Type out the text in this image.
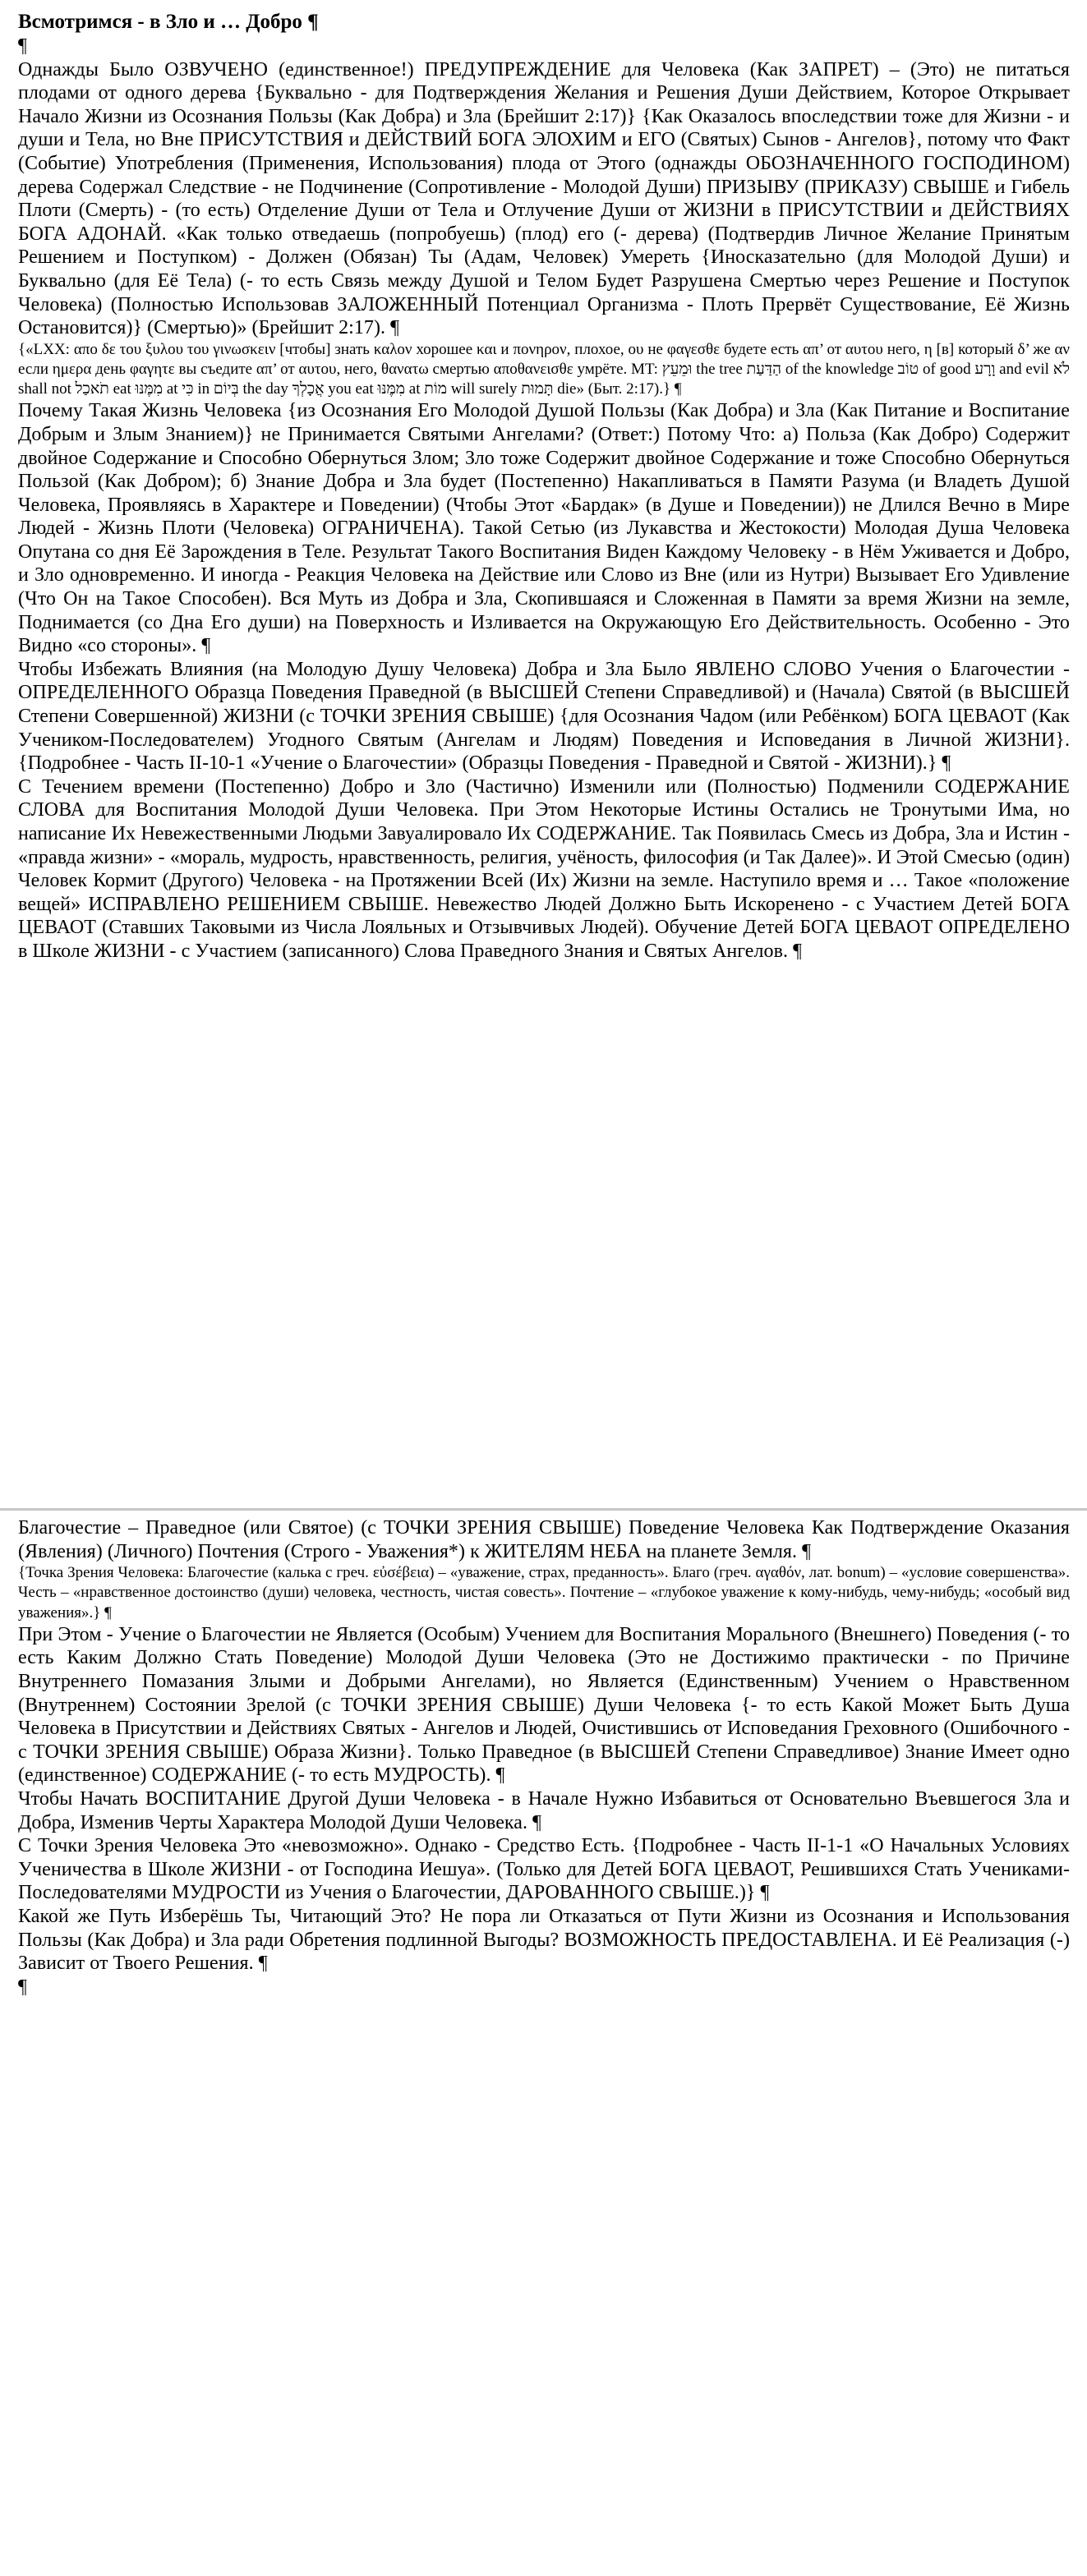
Всмотримся - в Зло и … Добро ¶

¶

Однажды Было ОЗВУЧЕНО (единственное!) ПРЕДУПРЕЖДЕНИЕ для Человека (Как ЗАПРЕТ) – (Это) не питаться плодами от одного дерева {Буквально - для Подтверждения Желания и Решения Души Действием, Которое Открывает Начало Жизни из Осознания Пользы (Как Добра) и Зла (Брейшит 2:17)} {Как Оказалось впоследствии тоже для Жизни - и души и Тела, но Вне ПРИСУТСТВИЯ и ДЕЙСТВИЙ БОГА ЭЛОХИМ и ЕГО (Святых) Сынов - Ангелов}, потому что Факт (Событие) Употребления (Применения, Использования) плода от Этого (однажды ОБОЗНАЧЕННОГО ГОСПОДИНОМ) дерева Содержал Следствие - не Подчинение (Сопротивление - Молодой Души) ПРИЗЫВУ (ПРИКАЗУ) СВЫШЕ и Гибель Плоти (Смерть) - (то есть) Отделение Души от Тела и Отлучение Души от ЖИЗНИ в ПРИСУТСТВИИ и ДЕЙСТВИЯХ БОГА АДОНАЙ. «Как только отведаешь (попробуешь) (плод) его (- дерева) (Подтвердив Личное Желание Принятым Решением и Поступком) - Должен (Обязан) Ты (Адам, Человек) Умереть {Иносказательно (для Молодой Души) и Буквально (для Её Тела) (- то есть Связь между Душой и Телом Будет Разрушена Смертью через Решение и Поступок Человека) (Полностью Использовав ЗАЛОЖЕННЫЙ Потенциал Организма - Плоть Прервёт Существование, Её Жизнь Остановится)} (Смертью)» (Брейшит 2:17). ¶

{«LXX: απο δε του ξυλου του γινωσκειν [чтобы] знать καλον хорошее και и πονηρον, плохое, ου не φαγεσθε будете есть απ’ от αυτου него, η [в] который δ’ же αν если ημερα день φαγητε вы съедите απ’ от αυτου, него, θανατω смертью αποθανεισθε умрёте. MT: וּמֵעֵץ the tree הַדַּעַת of the knowledge טוֹב of good וָרָע and evil לֹא shall not תֹאכַל eat מִמֶּנּוּ at כִּי in בְּיוֹם the day אֲכָלְךָ you eat מִמֶּנּוּ at מוֹת will surely תָּמוּת die» (Быт. 2:17).} ¶

Почему Такая Жизнь Человека {из Осознания Его Молодой Душой Пользы (Как Добра) и Зла (Как Питание и Воспитание Добрым и Злым Знанием)} не Принимается Святыми Ангелами? (Ответ:) Потому Что: а) Польза (Как Добро) Содержит двойное Содержание и Способно Обернуться Злом; Зло тоже Содержит двойное Содержание и тоже Способно Обернуться Пользой (Как Добром); б) Знание Добра и Зла будет (Постепенно) Накапливаться в Памяти Разума (и Владеть Душой Человека, Проявляясь в Характере и Поведении) (Чтобы Этот «Бардак» (в Душе и Поведении)) не Длился Вечно в Мире Людей - Жизнь Плоти (Человека) ОГРАНИЧЕНА). Такой Сетью (из Лукавства и Жестокости) Молодая Душа Человека Опутана со дня Её Зарождения в Теле. Результат Такого Воспитания Виден Каждому Человеку - в Нём Уживается и Добро, и Зло одновременно. И иногда - Реакция Человека на Действие или Слово из Вне (или из Нутри) Вызывает Его Удивление (Что Он на Такое Способен). Вся Муть из Добра и Зла, Скопившаяся и Сложенная в Памяти за время Жизни на земле, Поднимается (со Дна Его души) на Поверхность и Изливается на Окружающую Его Действительность. Особенно - Это Видно «со стороны». ¶

Чтобы Избежать Влияния (на Молодую Душу Человека) Добра и Зла Было ЯВЛЕНО СЛОВО Учения о Благочестии - ОПРЕДЕЛЕННОГО Образца Поведения Праведной (в ВЫСШЕЙ Степени Справедливой) и (Начала) Святой (в ВЫСШЕЙ Степени Совершенной) ЖИЗНИ (с ТОЧКИ ЗРЕНИЯ СВЫШЕ) {для Осознания Чадом (или Ребёнком) БОГА ЦЕВАОТ (Как Учеником-Последователем) Угодного Святым (Ангелам и Людям) Поведения и Исповедания в Личной ЖИЗНИ}. {Подробнее - Часть II-10-1 «Учение о Благочестии» (Образцы Поведения - Праведной и Святой - ЖИЗНИ).} ¶

С Течением времени (Постепенно) Добро и Зло (Частично) Изменили или (Полностью) Подменили СОДЕРЖАНИЕ СЛОВА для Воспитания Молодой Души Человека. При Этом Некоторые Истины Остались не Тронутыми Има, но написание Их Невежественными Людьми Завуалировало Их СОДЕРЖАНИЕ. Так Появилась Смесь из Добра, Зла и Истин - «правда жизни» - «мораль, мудрость, нравственность, религия, учёность, философия (и Так Далее)». И Этой Смесью (один) Человек Кормит (Другого) Человека - на Протяжении Всей (Их) Жизни на земле. Наступило время и … Такое «положение вещей» ИСПРАВЛЕНО РЕШЕНИЕМ СВЫШЕ. Невежество Людей Должно Быть Искоренено - с Участием Детей БОГА ЦЕВАОТ (Ставших Таковыми из Числа Лояльных и Отзывчивых Людей). Обучение Детей БОГА ЦЕВАОТ ОПРЕДЕЛЕНО в Школе ЖИЗНИ - с Участием (записанного) Слова Праведного Знания и Святых Ангелов. ¶

Благочестие – Праведное (или Святое) (с ТОЧКИ ЗРЕНИЯ СВЫШЕ) Поведение Человека Как Подтверждение Оказания (Явления) (Личного) Почтения (Строго - Уважения*) к ЖИТЕЛЯМ НЕБА на планете Земля. ¶

{Точка Зрения Человека: Благочестие (калька с греч. εὐσέβεια) – «уважение, страх, преданность». Благо (греч. αγαθόν, лат. bonum) – «условие совершенства». Честь – «нравственное достоинство (души) человека, честность, чистая совесть». Почтение – «глубокое уважение к кому-нибудь, чему-нибудь; «особый вид уважения».} ¶

При Этом - Учение о Благочестии не Является (Особым) Учением для Воспитания Морального (Внешнего) Поведения (- то есть Каким Должно Стать Поведение) Молодой Души Человека (Это не Достижимо практически - по Причине Внутреннего Помазания Злыми и Добрыми Ангелами), но Является (Единственным) Учением о Нравственном (Внутреннем) Состоянии Зрелой (с ТОЧКИ ЗРЕНИЯ СВЫШЕ) Души Человека {- то есть Какой Может Быть Душа Человека в Присутствии и Действиях Святых - Ангелов и Людей, Очистившись от Исповедания Греховного (Ошибочного - с ТОЧКИ ЗРЕНИЯ СВЫШЕ) Образа Жизни}. Только Праведное (в ВЫСШЕЙ Степени Справедливое) Знание Имеет одно (единственное) СОДЕРЖАНИЕ (- то есть МУДРОСТЬ). ¶

Чтобы Начать ВОСПИТАНИЕ Другой Души Человека - в Начале Нужно Избавиться от Основательно Въевшегося Зла и Добра, Изменив Черты Характера Молодой Души Человека. ¶

С Точки Зрения Человека Это «невозможно». Однако - Средство Есть. {Подробнее - Часть II-1-1 «О Начальных Условиях Ученичества в Школе ЖИЗНИ - от Господина Иешуа». (Только для Детей БОГА ЦЕВАОТ, Решившихся Стать Учениками-Последователями МУДРОСТИ из Учения о Благочестии, ДАРОВАННОГО СВЫШЕ.)} ¶

Какой же Путь Изберёшь Ты, Читающий Это? Не пора ли Отказаться от Пути Жизни из Осознания и Использования Пользы (Как Добра) и Зла ради Обретения подлинной Выгоды? ВОЗМОЖНОСТЬ ПРЕДОСТАВЛЕНА. И Её Реализация (-) Зависит от Твоего Решения. ¶

¶
